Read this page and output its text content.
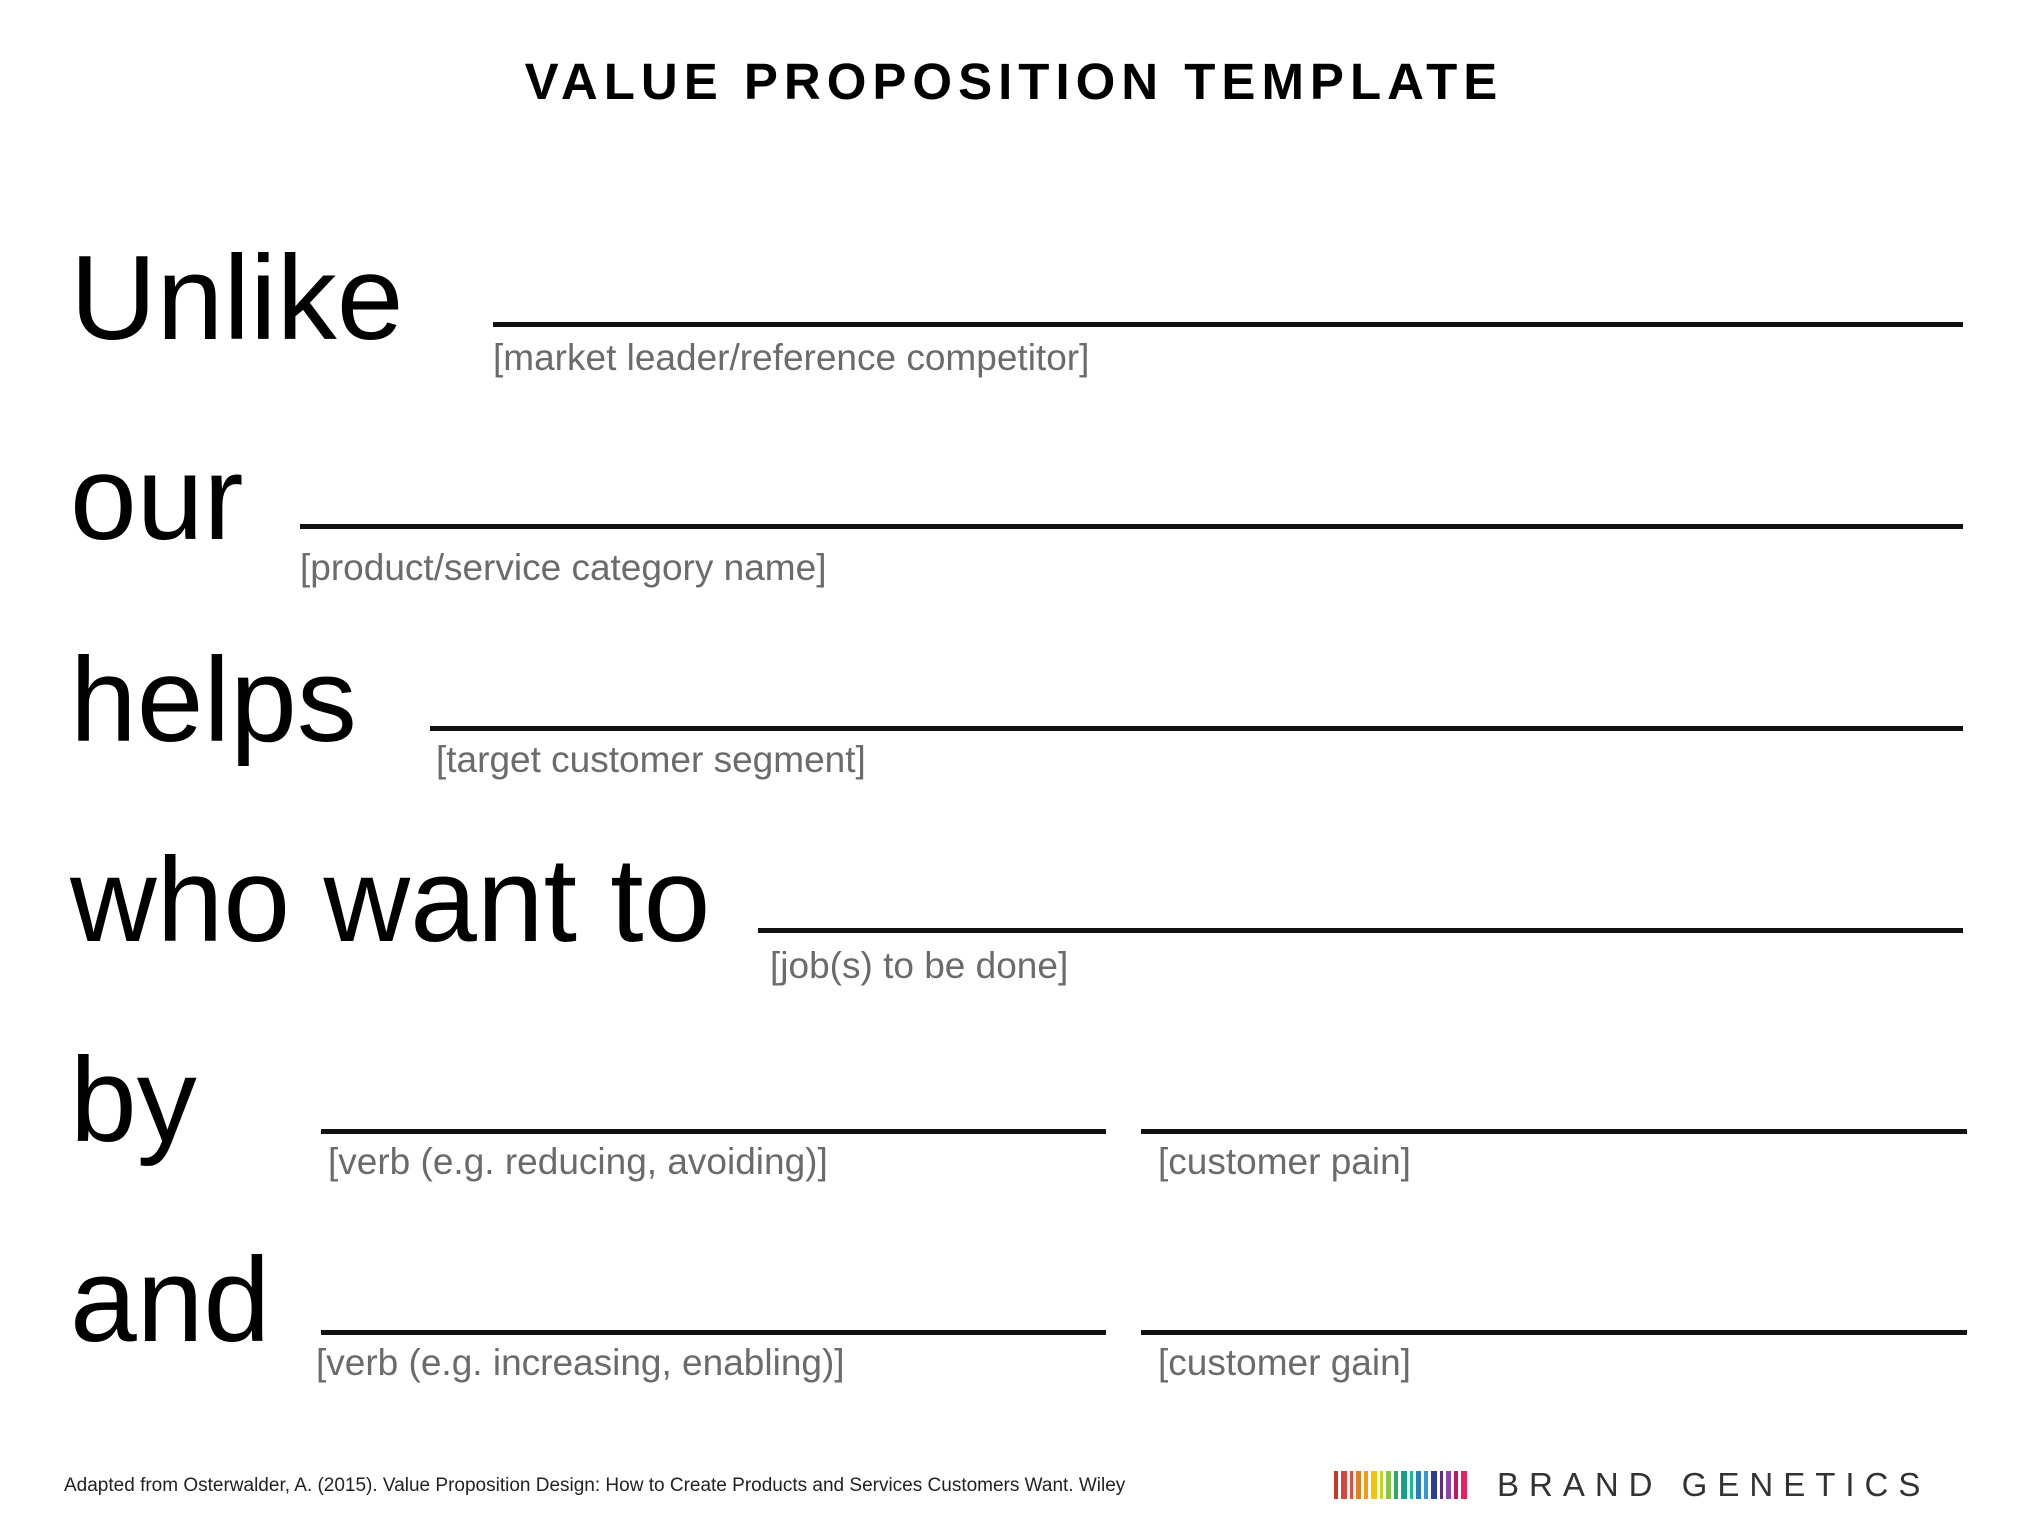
VALUE PROPOSITION TEMPLATE
Unlike [market leader/reference competitor]
our
[product/service category name]
helps [target customer segment]
who want to [job(s) to be done]
by	[verb (e.g. reducing, avoiding)]	[customer pain]
and [verb (e.g. increasing, enabling)]	[customer gain]
Adapted from Osterwalder, A. (2015). Value Proposition Design: How to Create Products and Services Customers Want. Wiley	BRAND GENETICS
